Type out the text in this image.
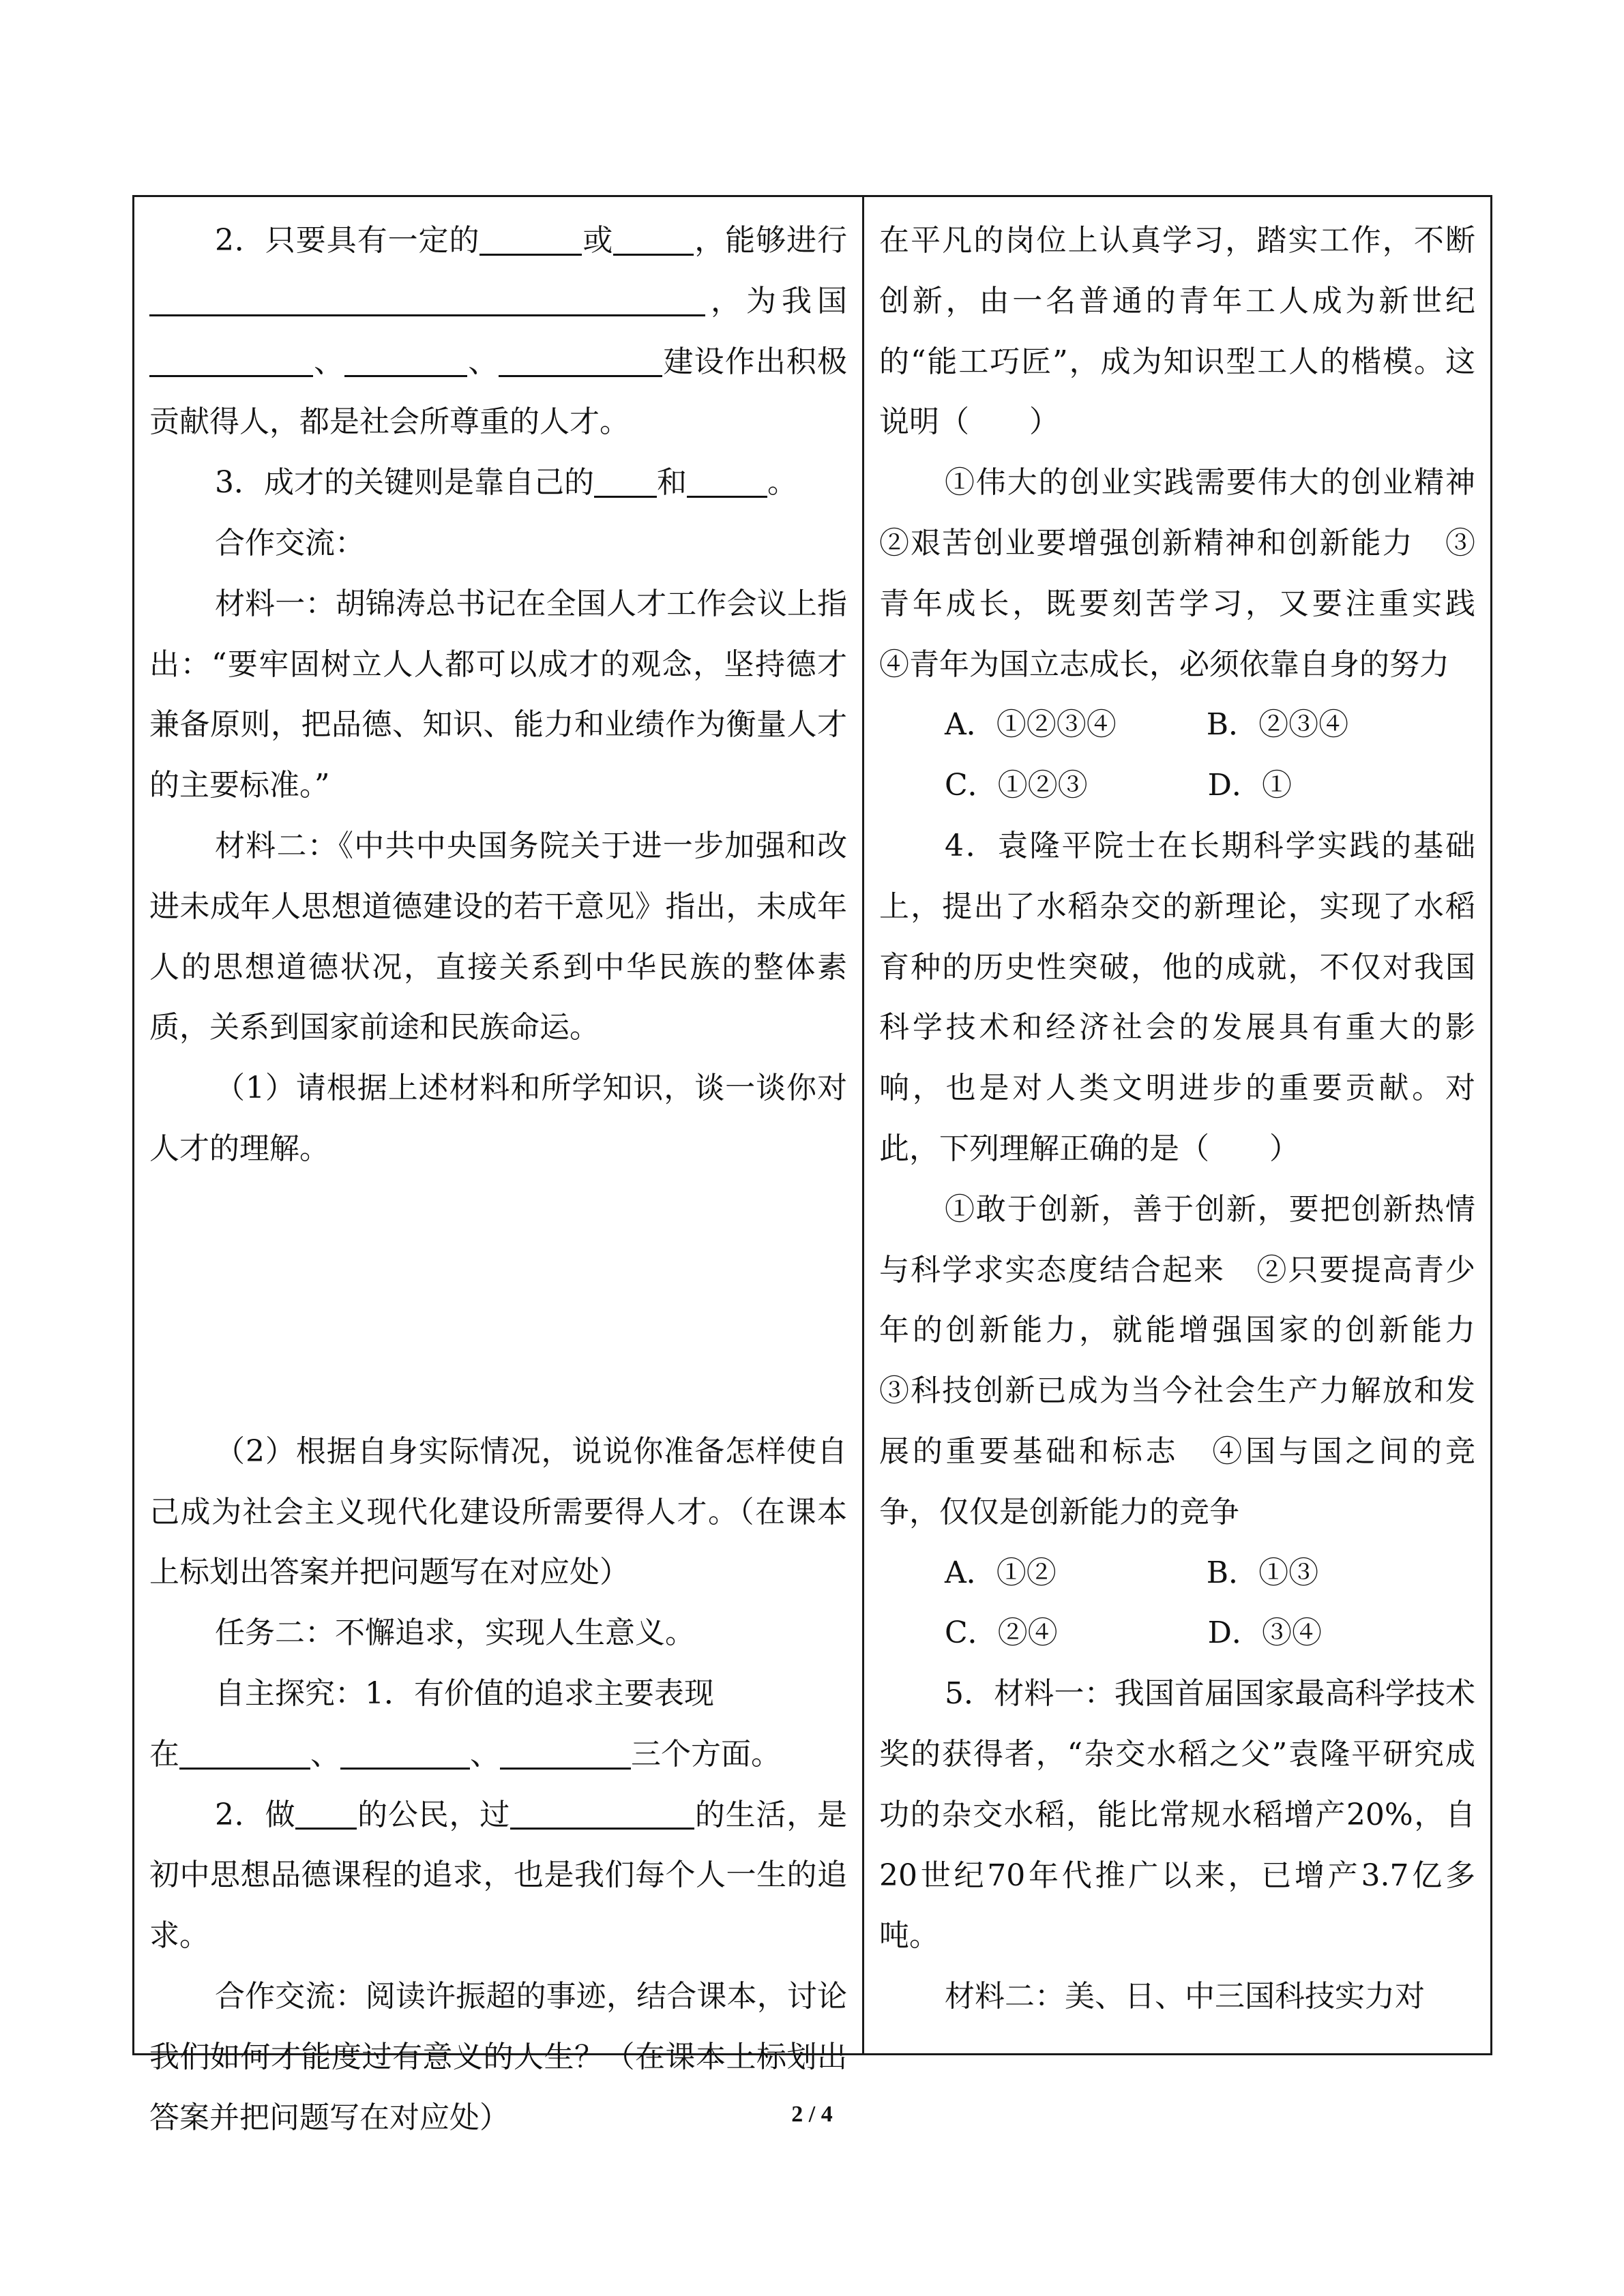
2．只要具有一定的	或	，能够进行，为我国、	、	建设作出积极贡献得人，都是社会所尊重的人才。

3．成才的关键则是靠自己的 和	。

合作交流：

材料一：胡锦涛总书记在全国人才工作会议上指出：“要牢固树立人人都可以成才的观念，坚持德才兼备原则，把品德、知识、能力和业绩作为衡量人才的主要标准。”

材料二：《中共中央国务院关于进一步加强和改进未成年人思想道德建设的若干意见》指出，未成年人的思想道德状况，直接关系到中华民族的整体素质，关系到国家前途和民族命运。

（1）请根据上述材料和所学知识，谈一谈你对人才的理解。

（2）根据自身实际情况，说说你准备怎样使自己成为社会主义现代化建设所需要得人才。（在课本上标划出答案并把问题写在对应处）

任务二：不懈追求，实现人生意义。

自主探究：1．有价值的追求主要表现

在	、	、	三个方面。

2．做 的公民，过	的生活，是初中思想品德课程的追求，也是我们每个人一生的追求。

合作交流：阅读许振超的事迹，结合课本，讨论我们如何才能度过有意义的人生？（在课本上标划出答案并把问题写在对应处）

在平凡的岗位上认真学习，踏实工作，不断创新，由一名普通的青年工人成为新世纪的“能工巧匠”，成为知识型工人的楷模。这说明（　　）

①伟大的创业实践需要伟大的创业精神　②艰苦创业要增强创新精神和创新能力　③青年成长，既要刻苦学习，又要注重实践　④青年为国立志成长，必须依靠自身的努力

A．①②③④　　　B．②③④

C．①②③　　　　D．①

4．袁隆平院士在长期科学实践的基础上，提出了水稻杂交的新理论，实现了水稻育种的历史性突破，他的成就，不仅对我国科学技术和经济社会的发展具有重大的影响，也是对人类文明进步的重要贡献。对此，下列理解正确的是（　　）

①敢于创新，善于创新，要把创新热情与科学求实态度结合起来　②只要提高青少年的创新能力，就能增强国家的创新能力　　③科技创新已成为当今社会生产力解放和发展的重要基础和标志　④国与国之间的竞争，仅仅是创新能力的竞争

A．①②　　　　　B．①③

C．②④　　　　　D．③④

5．材料一：我国首届国家最高科学技术奖的获得者，“杂交水稻之父”袁隆平研究成功的杂交水稻，能比常规水稻增产20%，自20世纪70年代推广以来，已增产3.7亿多吨。

材料二：美、日、中三国科技实力对

2 / 4
